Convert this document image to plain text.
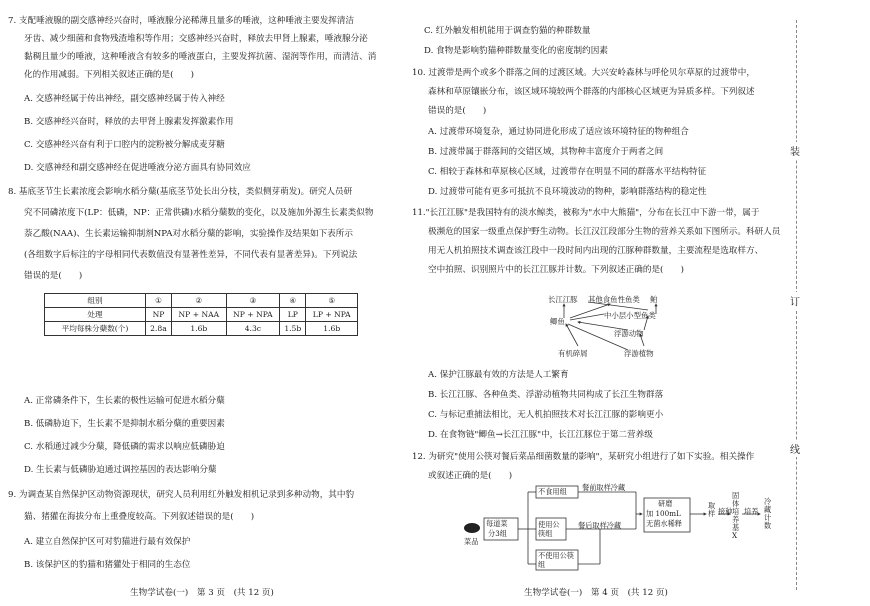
7. 支配唾液腺的副交感神经兴奋时，唾液腺分泌稀薄且量多的唾液，这种唾液主要发挥清洁
牙齿、减少细菌和食物残渣堆积等作用；交感神经兴奋时，释放去甲肾上腺素，唾液腺分泌
黏稠且量少的唾液，这种唾液含有较多的唾液蛋白，主要发挥抗菌、湿润等作用，而清洁、消
化的作用减弱。下列相关叙述正确的是(　　)
A. 交感神经属于传出神经，副交感神经属于传入神经
B. 交感神经兴奋时，释放的去甲肾上腺素发挥激素作用
C. 交感神经兴奋有利于口腔内的淀粉被分解成麦芽糖
D. 交感神经和副交感神经在促进唾液分泌方面具有协同效应
8. 基底茎节生长素浓度会影响水稻分蘖(基底茎节处长出分枝，类似侧芽萌发)。研究人员研
究不同磷浓度下(LP：低磷，NP：正常供磷)水稻分蘖数的变化，以及施加外源生长素类似物
萘乙酸(NAA)、生长素运输抑制剂NPA对水稻分蘖的影响，实验操作及结果如下表所示
(各组数字后标注的字母相同代表数值没有显著性差异，不同代表有显著差异)。下列说法
错误的是(　　)
组别	①	②	③	④	⑤
处理	NP	NP + NAA	NP + NPA	LP	LP + NPA
平均每株分蘖数(个)	2.8a	1.6b	4.3c	1.5b	1.6b
A. 正常磷条件下，生长素的极性运输可促进水稻分蘖
B. 低磷胁迫下，生长素不是抑制水稻分蘖的重要因素
C. 水稻通过减少分蘖，降低磷的需求以响应低磷胁迫
D. 生长素与低磷胁迫通过调控基因的表达影响分蘖
9. 为调查某自然保护区动物资源现状，研究人员利用红外触发相机记录到多种动物，其中豹
猫、猪獾在海拔分布上重叠度较高。下列叙述错误的是(　　)
A. 建立自然保护区可对豹猫进行最有效保护
B. 该保护区的豹猫和猪獾处于相同的生态位
生物学试卷(一)　第 3 页　(共 12 页)
C. 红外触发相机能用于调查豹猫的种群数量
D. 食物是影响豹猫种群数量变化的密度制约因素
10. 过渡带是两个或多个群落之间的过渡区域。大兴安岭森林与呼伦贝尔草原的过渡带中，
森林和草原镶嵌分布，该区域环境较两个群落的内部核心区域更为异质多样。下列叙述
错误的是(　　)
A. 过渡带环境复杂，通过协同进化形成了适应该环境特征的物种组合
B. 过渡带属于群落间的交错区域，其物种丰富度介于两者之间
C. 相较于森林和草原核心区域，过渡带存在明显不同的群落水平结构特征
D. 过渡带可能有更多可抵抗不良环境波动的物种，影响群落结构的稳定性
11."长江江豚"是我国特有的淡水鲸类，被称为"水中大熊猫"，分布在长江中下游一带，属于
极濒危的国家一级重点保护野生动物。长江汉江段部分生物的营养关系如下图所示。科研人员
用无人机拍照技术调查该江段中一段时间内出现的江豚种群数量，主要流程是选取样方、
空中拍照、识别照片中的长江江豚并计数。下列叙述正确的是(　　)
长江江豚 其他食鱼性鱼类 鲌
鲫鱼
中小层小型鱼类
浮游动物
有机碎屑	浮游植物
A. 保护江豚最有效的方法是人工繁育
B. 长江江豚、各种鱼类、浮游动植物共同构成了长江生物群落
C. 与标记重捕法相比，无人机拍照技术对长江江豚的影响更小
D. 在食物链"鲫鱼→长江江豚"中，长江江豚位于第二营养级
12. 为研究"使用公筷对餐后菜品细菌数量的影响"，某研究小组进行了如下实验。相关操作
或叙述正确的是(　　)
菜品
每道菜
分3组
不食用组
使用公筷组
不使用公筷组
餐前取样冷藏
餐后取样冷藏
研磨
加 100mL
无菌水稀释
取样 接种
固
体
培
养
基
X
培养
冷
藏
计
数
生物学试卷(一)　第 4 页　(共 12 页)
装
订
线
